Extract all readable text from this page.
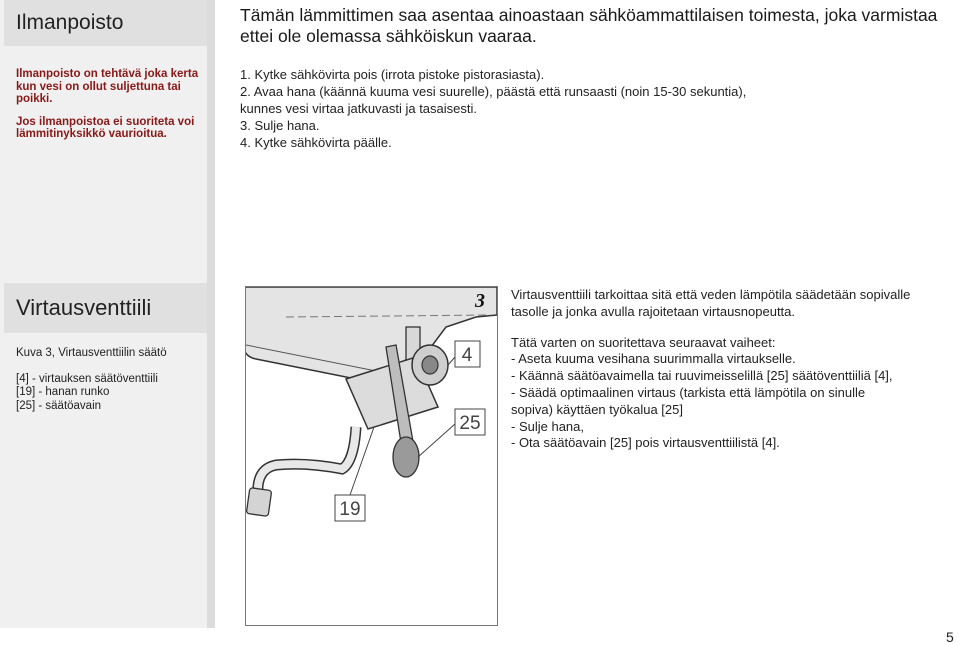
Ilmanpoisto

Ilmanpoisto on tehtävä joka kerta kun vesi on ollut suljettuna tai poikki.

Jos ilmanpoistoa ei suoriteta voi lämmitinyksikkö vaurioitua.

Virtausventtiili

Kuva 3, Virtausventtiilin säätö

[4] - virtauksen säätöventtiili
[19] - hanan runko
[25] - säätöavain
Tämän lämmittimen saa asentaa ainoastaan sähköammattilaisen toimesta, joka varmistaa ettei ole olemassa sähköiskun vaaraa.
1. Kytke sähkövirta pois (irrota pistoke pistorasiasta).
2. Avaa hana (käännä kuuma vesi suurelle), päästä että runsaasti (noin 15-30 sekuntia),
kunnes vesi virtaa jatkuvasti ja tasaisesti.
3. Sulje hana.
4. Kytke sähkövirta päälle.
3
4
25
19

Virtausventtiili tarkoittaa sitä että veden lämpötila säädetään sopivalle tasolle ja jonka avulla rajoitetaan virtausnopeutta.

Tätä varten on suoritettava seuraavat vaiheet:
- Aseta kuuma vesihana suurimmalla virtaukselle.
- Käännä säätöavaimella tai ruuvimeisselillä [25] säätöventtiiliä [4],
- Säädä optimaalinen virtaus (tarkista että lämpötila on sinulle
sopiva) käyttäen työkalua [25]
- Sulje hana,
- Ota säätöavain [25] pois virtausventtiilistä [4].
5
